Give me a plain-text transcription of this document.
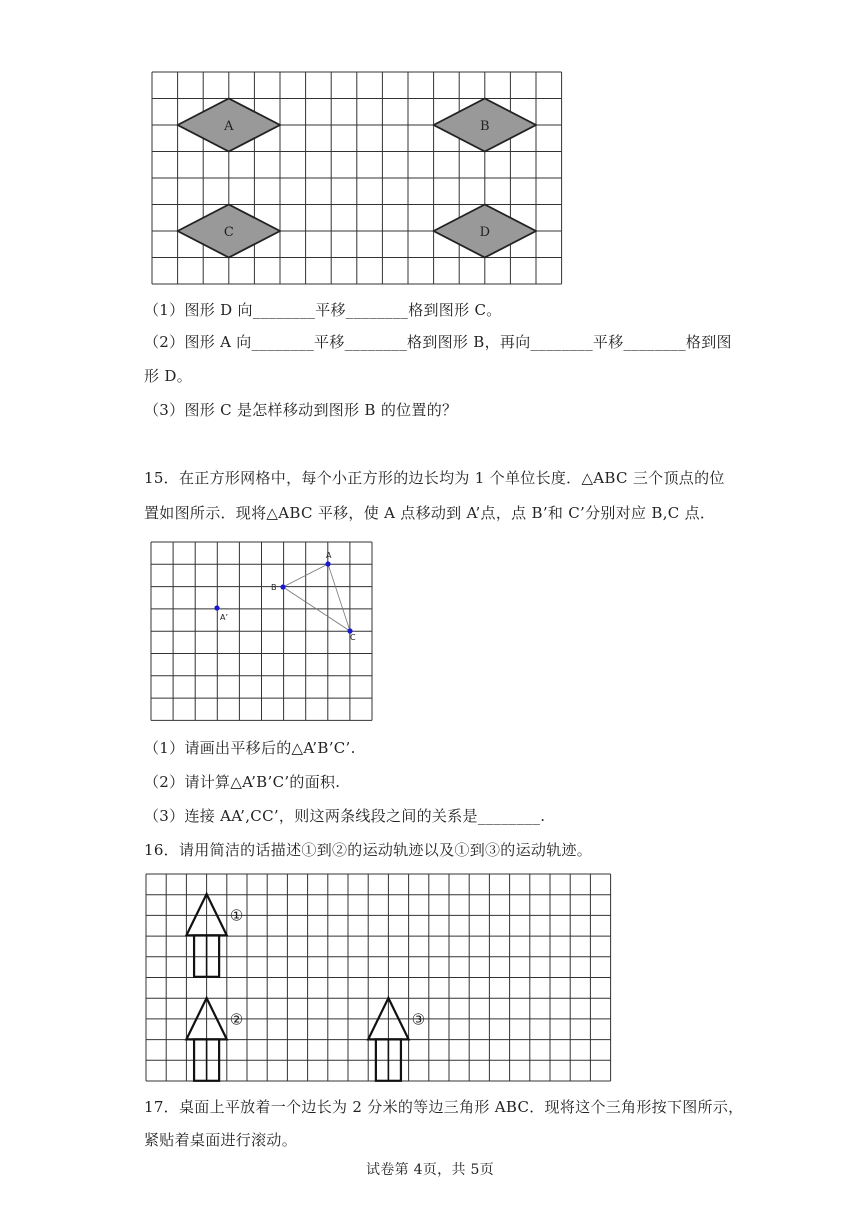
A	B
C	D
（1）图形 D 向________平移________格到图形 C。
（2）图形 A 向________平移________格到图形 B，再向________平移________格到图
形 D。
（3）图形 C 是怎样移动到图形 B 的位置的？
15．在正方形网格中，每个小正方形的边长均为 1 个单位长度．△ABC 三个顶点的位
置如图所示．现将△ABC 平移，使 A 点移动到 A’点，点 B’和 C’分别对应 B,C 点．
A
B
C
A’
（1）请画出平移后的△A’B’C’.
（2）请计算△A’B’C’的面积.
（3）连接 AA’,CC’，则这两条线段之间的关系是________.
16．请用简洁的话描述①到②的运动轨迹以及①到③的运动轨迹。
①
②	③
17．桌面上平放着一个边长为 2 分米的等边三角形 ABC．现将这个三角形按下图所示，
紧贴着桌面进行滚动。
试卷第 4页，共 5页
